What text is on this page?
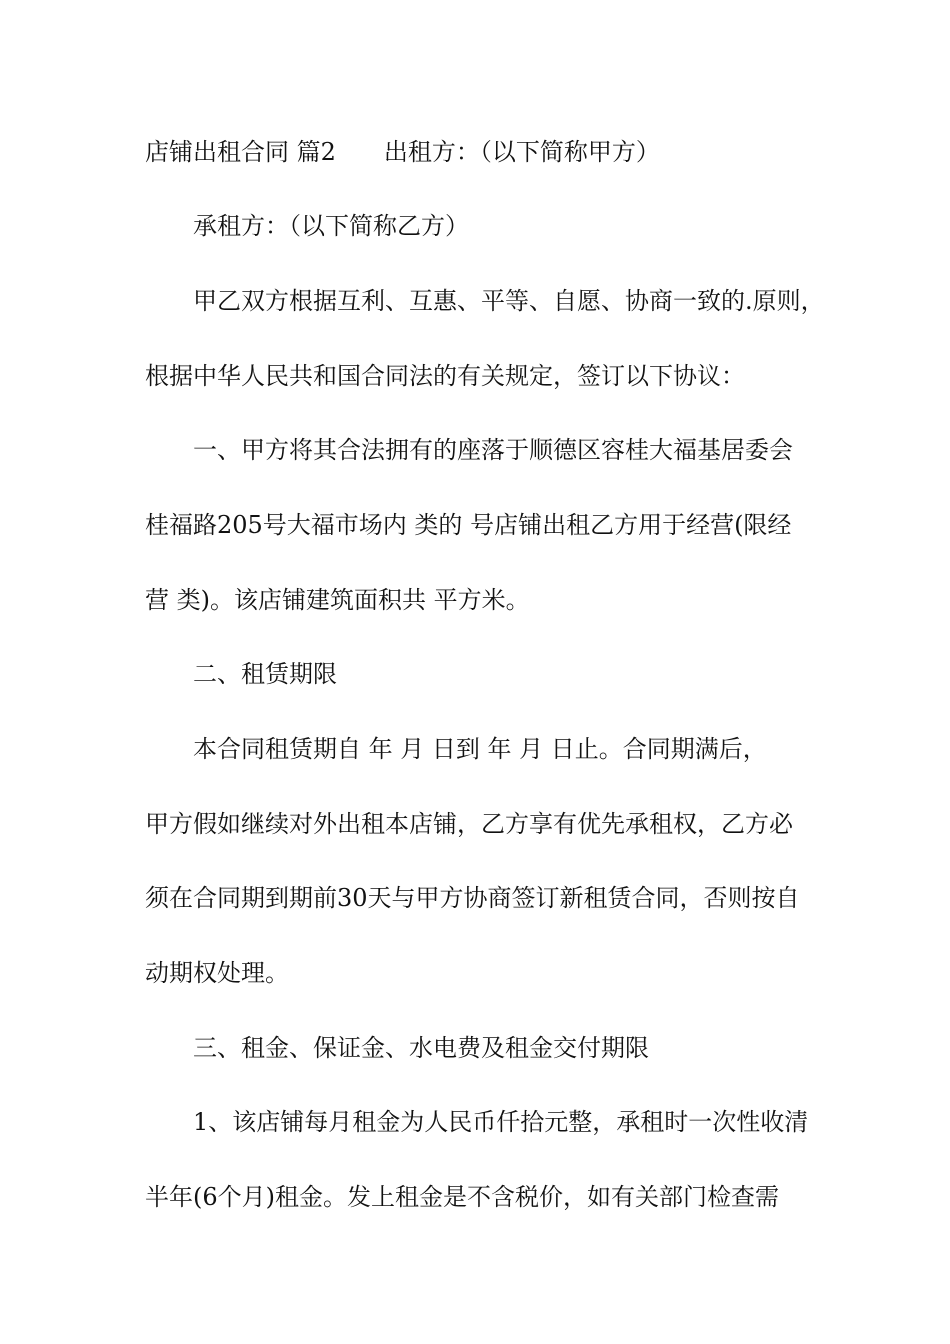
店铺出租合同 篇2　　出租方：（以下简称甲方）

承租方：（以下简称乙方）

甲乙双方根据互利、互惠、平等、自愿、协商一致的.原则，

根据中华人民共和国合同法的有关规定，签订以下协议：

一、甲方将其合法拥有的座落于顺德区容桂大福基居委会

桂福路205号大福市场内 类的 号店铺出租乙方用于经营(限经

营 类)。该店铺建筑面积共 平方米。

二、租赁期限

本合同租赁期自 年 月 日到 年 月 日止。合同期满后，

甲方假如继续对外出租本店铺，乙方享有优先承租权，乙方必

须在合同期到期前30天与甲方协商签订新租赁合同，否则按自

动期权处理。

三、租金、保证金、水电费及租金交付期限

1、该店铺每月租金为人民币仟拾元整，承租时一次性收清

半年(6个月)租金。发上租金是不含税价，如有关部门检查需
